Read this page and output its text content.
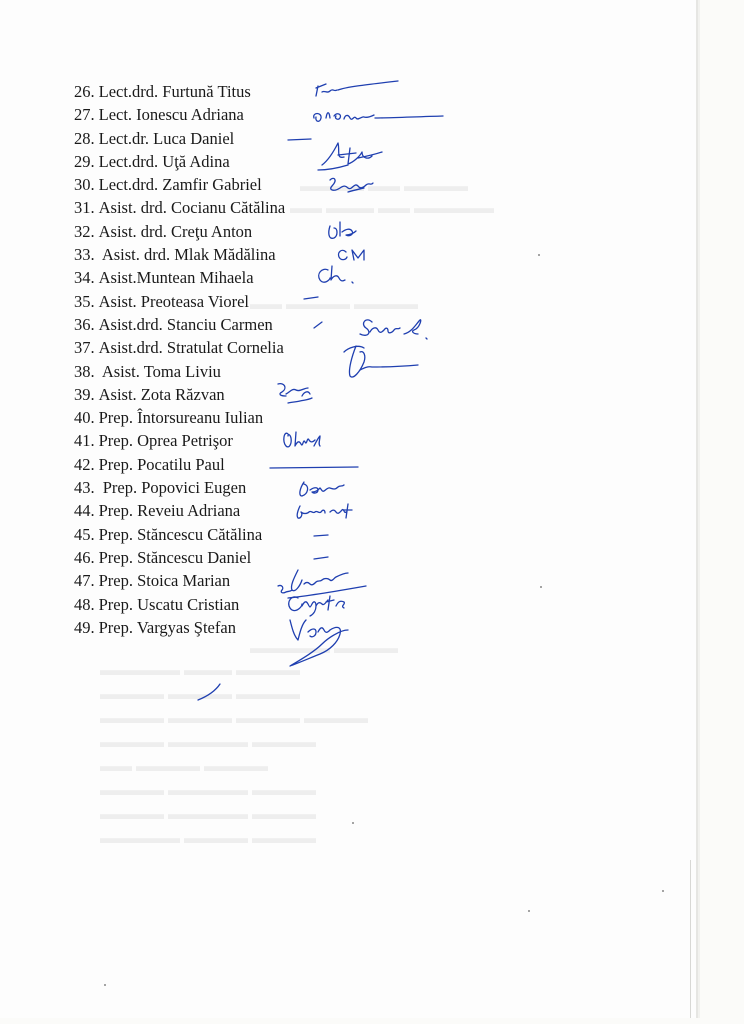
▬▬▬▬ ▬▬ ▬▬▬▬
▬▬▬▬▬ ▬▬ ▬▬▬ ▬▬
▬▬▬▬ ▬▬▬▬ ▬▬
▬▬▬▬ ▬▬▬▬▬
▬▬▬▬ ▬▬▬ ▬▬▬▬▬
▬▬▬▬ ▬▬▬▬ ▬▬▬▬
▬▬▬▬ ▬▬▬▬ ▬▬▬▬ ▬▬▬▬
▬▬▬▬ ▬▬▬▬▬ ▬▬▬▬
▬▬▬▬ ▬▬▬▬ ▬▬
▬▬▬▬ ▬▬▬▬▬ ▬▬▬▬
▬▬▬▬ ▬▬▬▬▬ ▬▬▬▬
▬▬▬▬ ▬▬▬▬ ▬▬▬▬▬
26. Lect.drd. Furtună Titus
27. Lect. Ionescu Adriana
28. Lect.dr. Luca Daniel
29. Lect.drd. Uţă Adina
30. Lect.drd. Zamfir Gabriel
31. Asist. drd. Cocianu Cătălina
32. Asist. drd. Creţu Anton
33. Asist. drd. Mlak Mădălina
34. Asist.Muntean Mihaela
35. Asist. Preoteasa Viorel
36. Asist.drd. Stanciu Carmen
37. Asist.drd. Stratulat Cornelia
38. Asist. Toma Liviu
39. Asist. Zota Răzvan
40. Prep. Întorsureanu Iulian
41. Prep. Oprea Petrişor
42. Prep. Pocatilu Paul
43. Prep. Popovici Eugen
44. Prep. Reveiu Adriana
45. Prep. Stăncescu Cătălina
46. Prep. Stăncescu Daniel
47. Prep. Stoica Marian
48. Prep. Uscatu Cristian
49. Prep. Vargyas Ştefan
